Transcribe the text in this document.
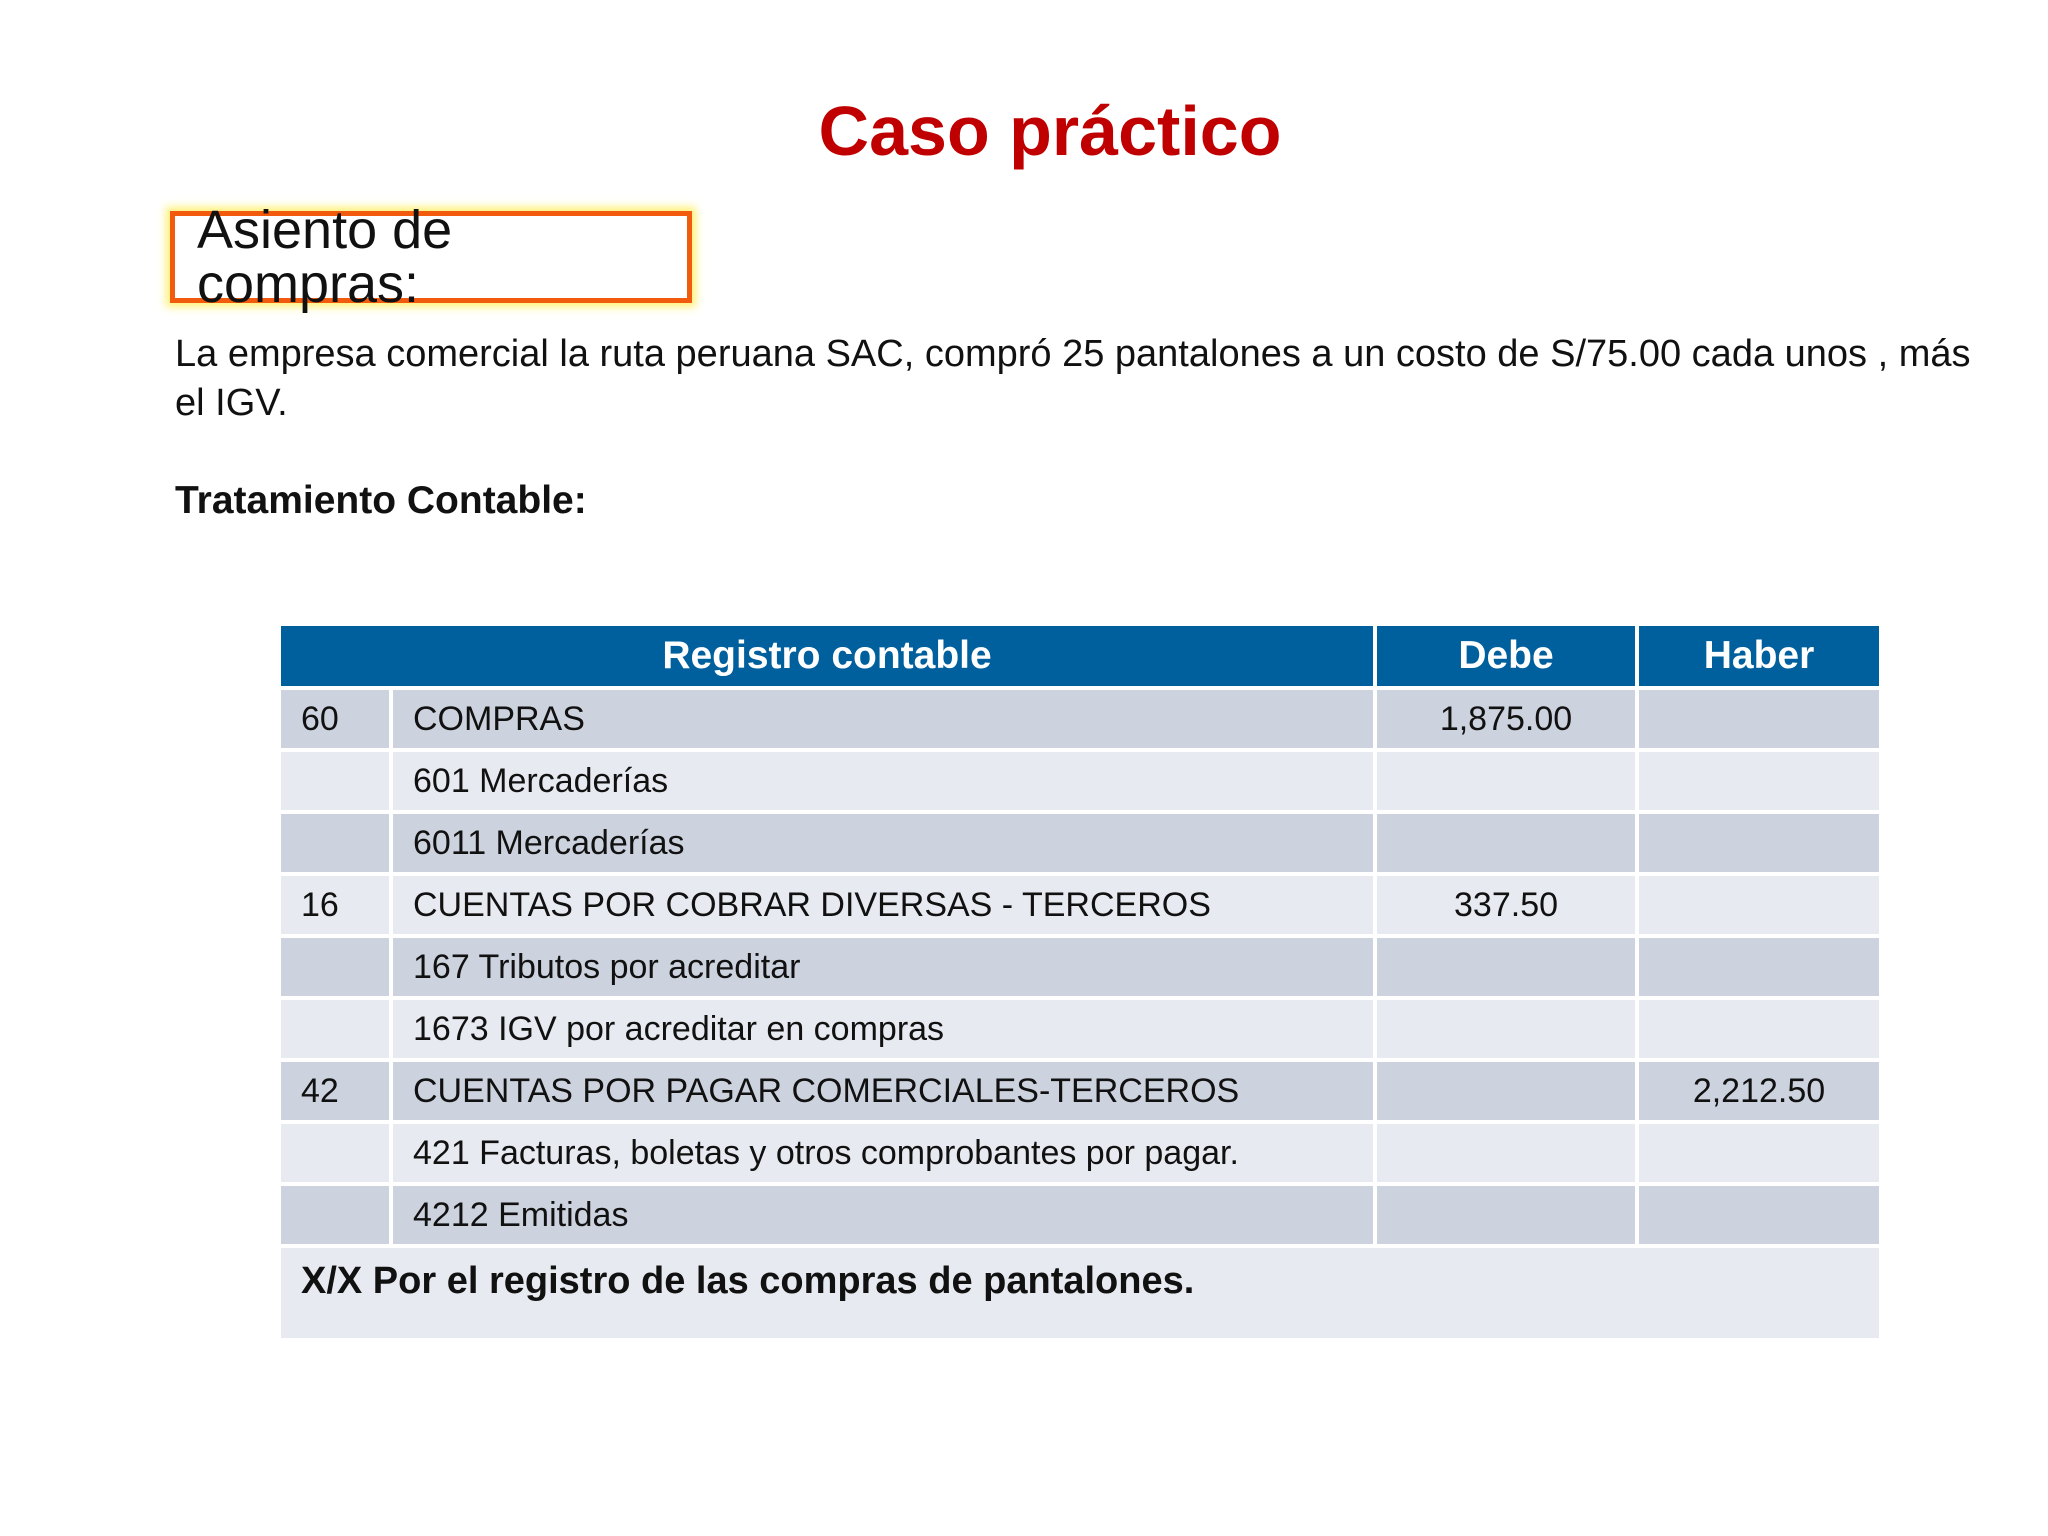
Caso práctico
Asiento de compras:

La empresa comercial la ruta peruana SAC, compró 25 pantalones a un costo de S/75.00 cada unos , más el IGV.

Tratamiento Contable:

Registro contable		Debe	Haber
60	COMPRAS	1,875.00	
	601 Mercaderías		
	6011 Mercaderías		
16	CUENTAS POR COBRAR DIVERSAS - TERCEROS	337.50	
	167 Tributos por acreditar		
	1673 IGV por acreditar en compras		
42	CUENTAS POR PAGAR COMERCIALES-TERCEROS		2,212.50
	421 Facturas, boletas y otros comprobantes por pagar.		
	4212 Emitidas		
X/X Por el registro de las compras de pantalones.			
